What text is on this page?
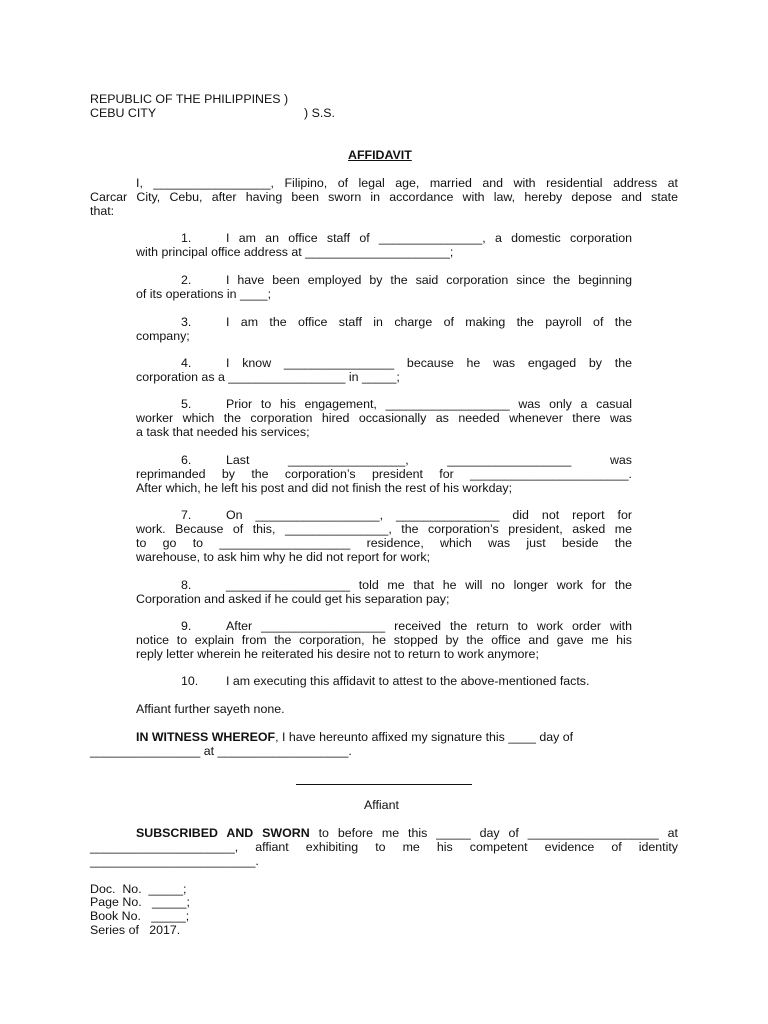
REPUBLIC OF THE PHILIPPINES )
CEBU CITY	) S.S.
AFFIDAVIT
I, _________________, Filipino, of legal age, married and with residential address at
Carcar City, Cebu, after having been sworn in accordance with law, hereby depose and state
that:
1.	I am an office staff of _______________, a domestic corporation
with principal office address at _____________________;
2.	I have been employed by the said corporation since the beginning
of its operations in ____;
3.	I am the office staff in charge of making the payroll of the
company;
4.	I know ________________ because he was engaged by the
corporation as a _________________ in _____;
5.	Prior to his engagement, __________________ was only a casual
worker which the corporation hired occasionally as needed whenever there was
a task that needed his services;
6.	Last _________________, __________________ was
reprimanded by the corporation’s president for _______________________.
After which, he left his post and did not finish the rest of his workday;
7.	On __________________, _______________ did not report for
work. Because of this, _______________, the corporation’s president, asked me
to go to ___________________ residence, which was just beside the
warehouse, to ask him why he did not report for work;
8.	__________________ told me that he will no longer work for the
Corporation and asked if he could get his separation pay;
9.	After __________________ received the return to work order with
notice to explain from the corporation, he stopped by the office and gave me his
reply letter wherein he reiterated his desire not to return to work anymore;
10. I am executing this affidavit to attest to the above-mentioned facts.
Affiant further sayeth none.
IN WITNESS WHEREOF, I have hereunto affixed my signature this ____ day of
________________ at ___________________.
Affiant
SUBSCRIBED AND SWORN to before me this _____ day of ___________________ at
_____________________, affiant exhibiting to me his competent evidence of identity
________________________.
Doc.  No.  _____;
Page No.   _____;
Book No.   _____;
Series of   2017.
